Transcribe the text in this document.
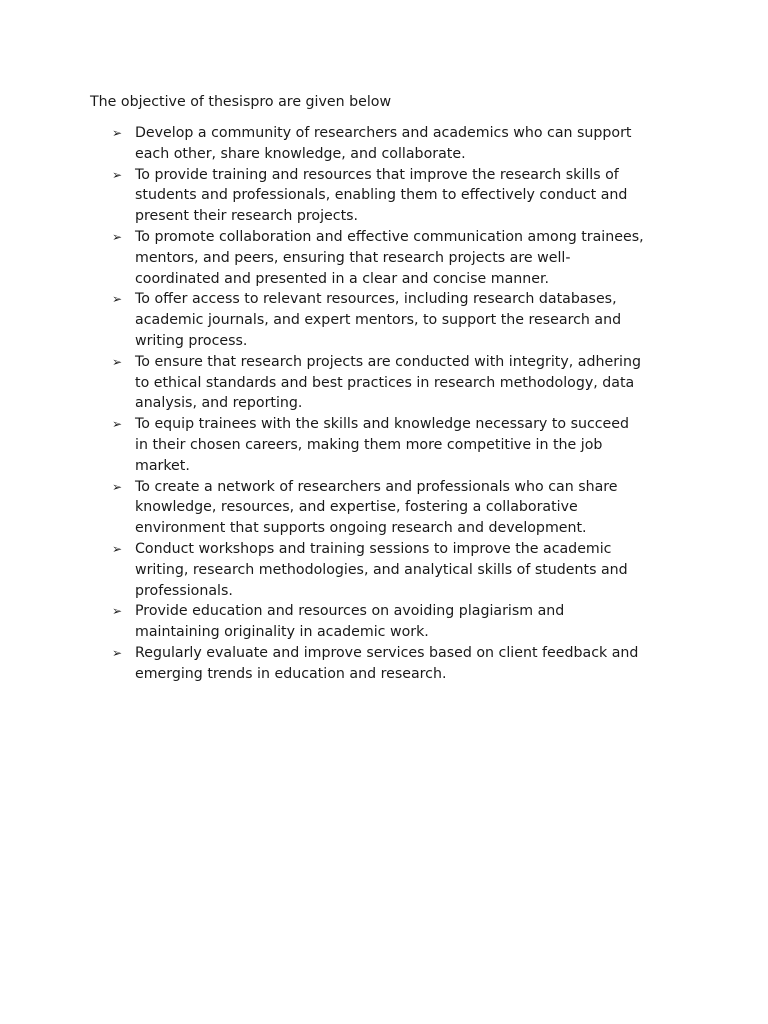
The objective of thesispro are given below
➢ Develop a community of researchers and academics who can support
each other, share knowledge, and collaborate.
➢ To provide training and resources that improve the research skills of
students and professionals, enabling them to effectively conduct and
present their research projects.
➢ To promote collaboration and effective communication among trainees,
mentors, and peers, ensuring that research projects are well-
coordinated and presented in a clear and concise manner.
➢ To offer access to relevant resources, including research databases,
academic journals, and expert mentors, to support the research and
writing process.
➢ To ensure that research projects are conducted with integrity, adhering
to ethical standards and best practices in research methodology, data
analysis, and reporting.
➢ To equip trainees with the skills and knowledge necessary to succeed
in their chosen careers, making them more competitive in the job
market.
➢ To create a network of researchers and professionals who can share
knowledge, resources, and expertise, fostering a collaborative
environment that supports ongoing research and development.
➢ Conduct workshops and training sessions to improve the academic
writing, research methodologies, and analytical skills of students and
professionals.
➢ Provide education and resources on avoiding plagiarism and
maintaining originality in academic work.
➢ Regularly evaluate and improve services based on client feedback and
emerging trends in education and research.
